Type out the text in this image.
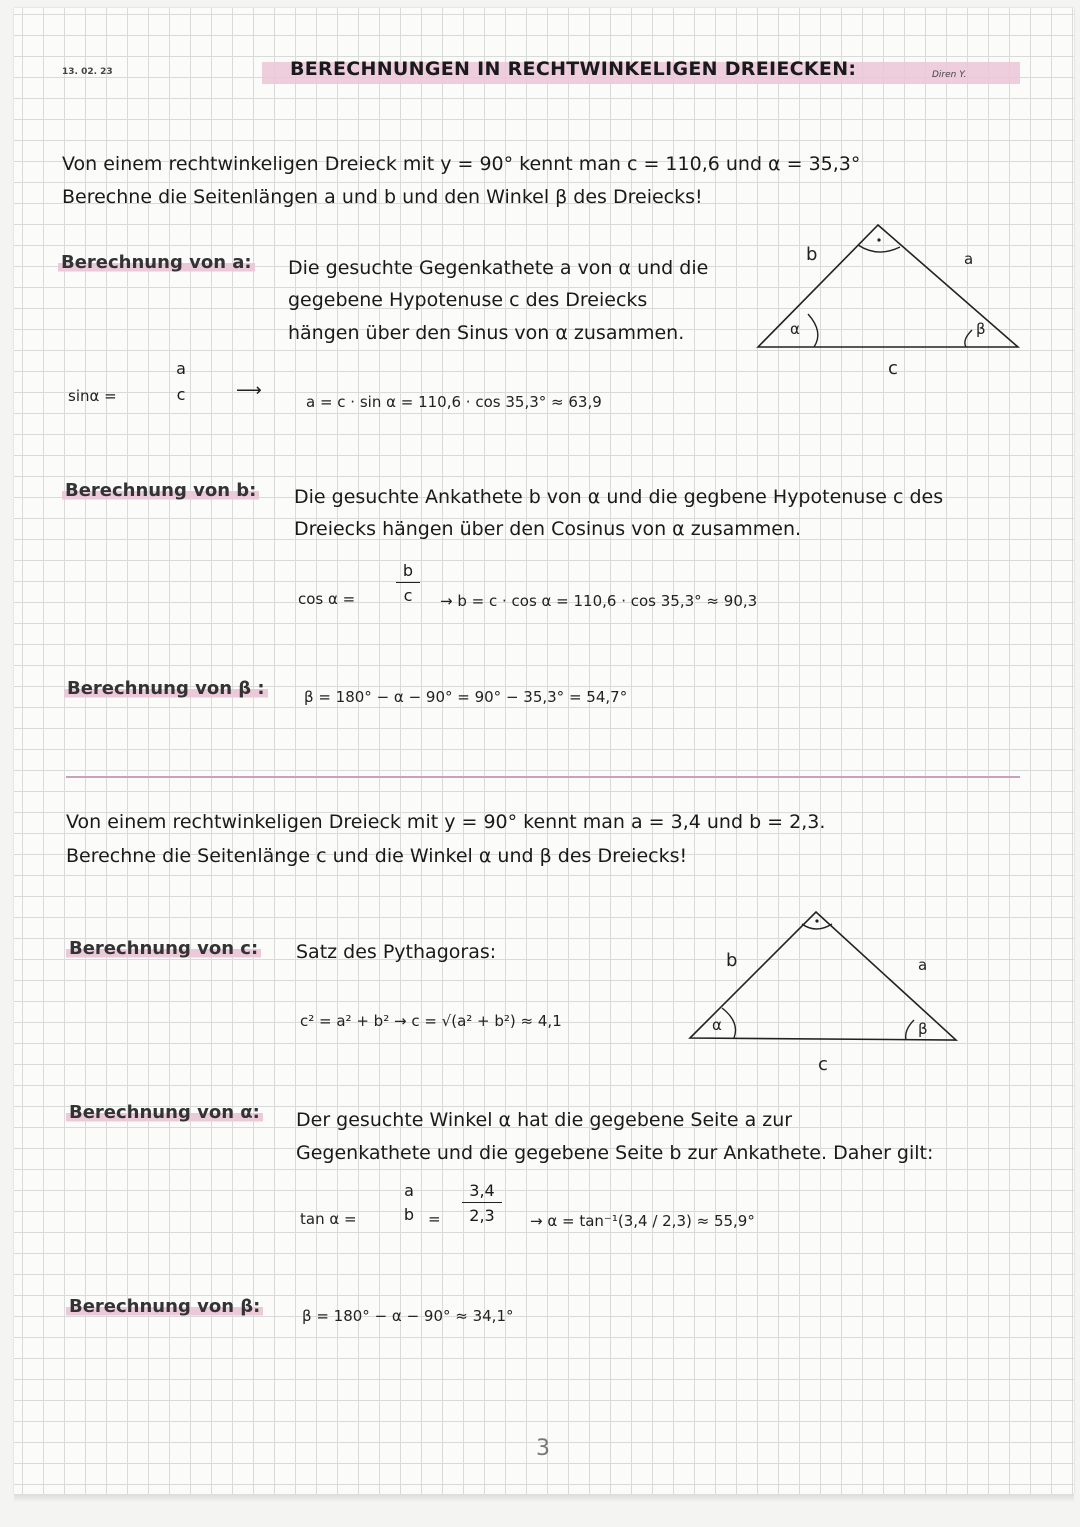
13. 02. 23	BERECHNUNGEN IN RECHTWINKELIGEN DREIECKEN:	Diren Y.
Von einem rechtwinkeligen Dreieck mit y = 90° kennt man c = 110,6 und α = 35,3°
Berechne die Seitenlängen a und b und den Winkel β des Dreiecks!
Berechnung von a: Die gesuchte Gegenkathete a von α und die
gegebene Hypotenuse c des Dreiecks
hängen über den Sinus von α zusammen.
b	a
c
α	β
sinα =
a
c	⟶
a = c · sin α = 110,6 · cos 35,3° ≈ 63,9
Berechnung von b: Die gesuchte Ankathete b von α und die gegbene Hypotenuse c des
Dreiecks hängen über den Cosinus von α zusammen.
cos α =	$\frac{b}{c} \to b = c \cdot \cos \alpha = 110,6 \cdot \cos 35,3^\circ \approx 90,3$
Berechnung von β :	β = 180° − α − 90° = 90° − 35,3° = 54,7°
Von einem rechtwinkeligen Dreieck mit y = 90° kennt man a = 3,4 und b = 2,3.
Berechne die Seitenlänge c und die Winkel α und β des Dreiecks!
Berechnung von c: Satz des Pythagoras:
c² = a² + b² → c = √(a² + b²) ≈ 4,1
b	a
c
α	β
Berechnung von α: Der gesuchte Winkel α hat die gegebene Seite a zur
Gegenkathete und die gegebene Seite b zur Ankathete. Daher gilt:
tan α =
a
$b = \frac{3,4}{2,3} \to \alpha = \tan^{-1}(3,4 / 2,3) \approx 55,9^\circ$
Berechnung von β:	β = 180° − α − 90° ≈ 34,1°
3
